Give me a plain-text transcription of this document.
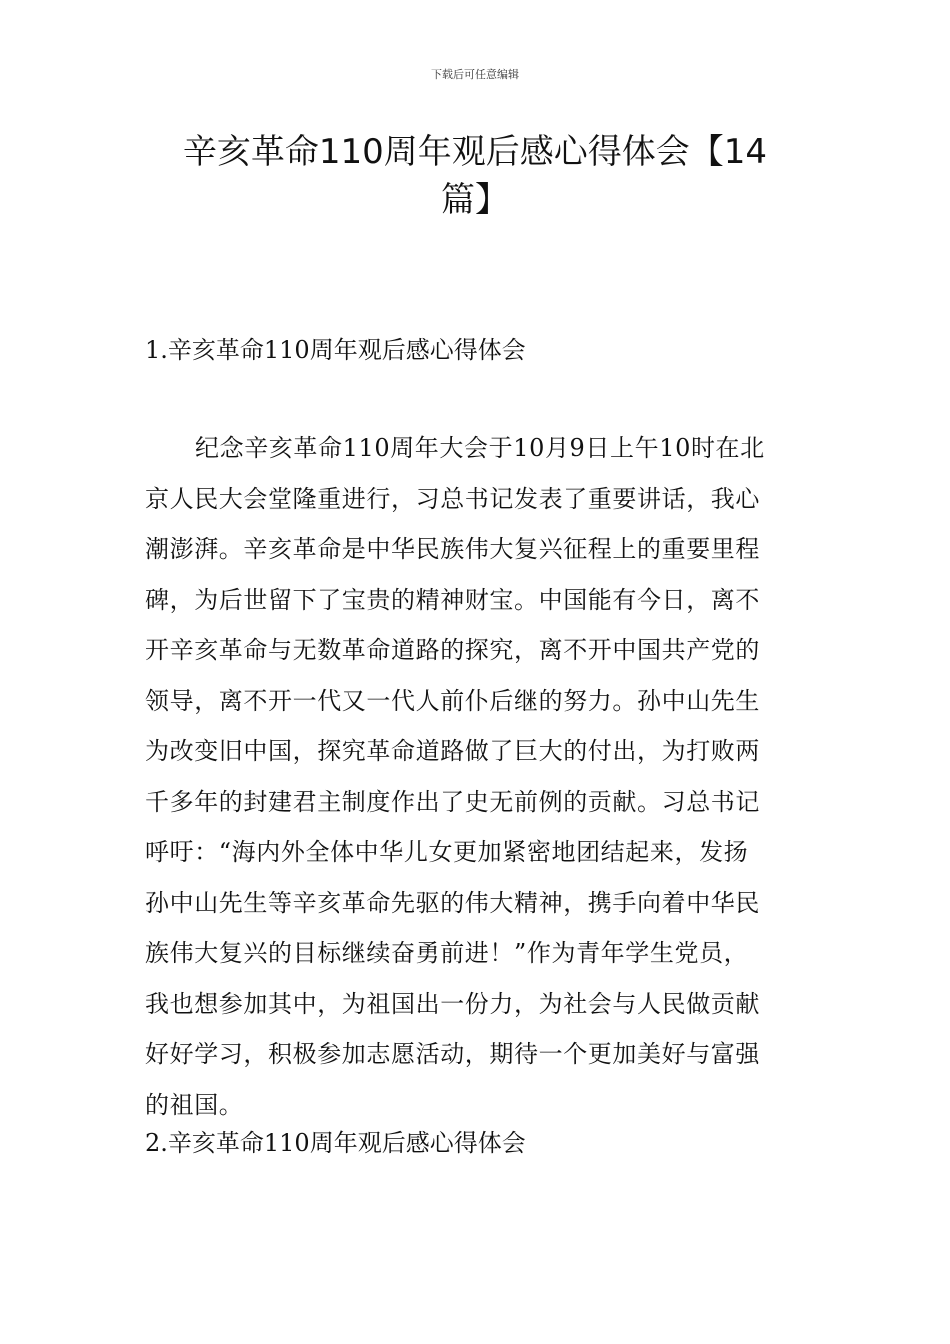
下载后可任意编辑
辛亥革命110周年观后感心得体会【14
篇】
1.辛亥革命110周年观后感心得体会
纪念辛亥革命110周年大会于10月9日上午10时在北
京人民大会堂隆重进行，习总书记发表了重要讲话，我心
潮澎湃。辛亥革命是中华民族伟大复兴征程上的重要里程
碑，为后世留下了宝贵的精神财宝。中国能有今日，离不
开辛亥革命与无数革命道路的探究，离不开中国共产党的
领导，离不开一代又一代人前仆后继的努力。孙中山先生
为改变旧中国，探究革命道路做了巨大的付出，为打败两
千多年的封建君主制度作出了史无前例的贡献。习总书记
呼吁：“海内外全体中华儿女更加紧密地团结起来，发扬
孙中山先生等辛亥革命先驱的伟大精神，携手向着中华民
族伟大复兴的目标继续奋勇前进！”作为青年学生党员，
我也想参加其中，为祖国出一份力，为社会与人民做贡献
好好学习，积极参加志愿活动，期待一个更加美好与富强
的祖国。
2.辛亥革命110周年观后感心得体会
